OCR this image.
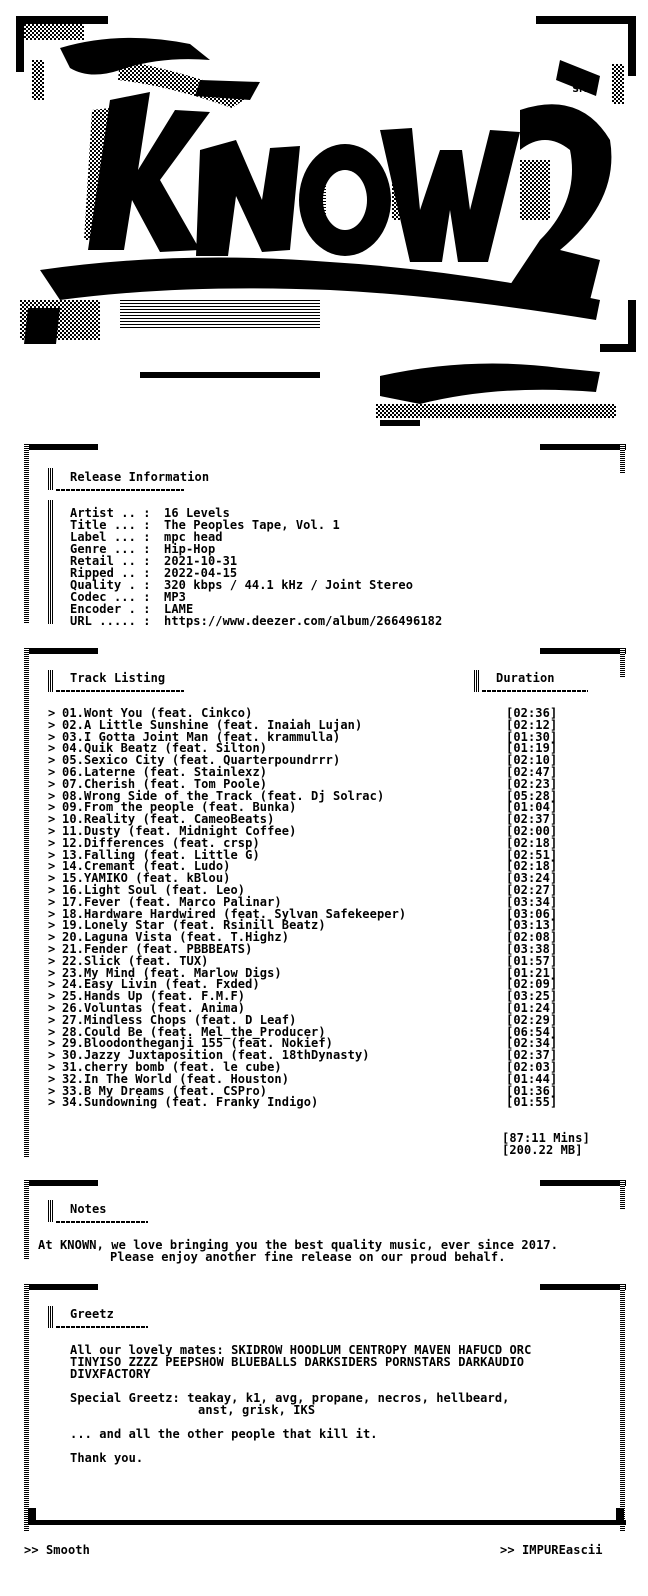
sM
Release Information
Artist .. : 16 Levels
Title ... : The Peoples Tape, Vol. 1
Label ... : mpc head
Genre ... : Hip-Hop
Retail .. : 2021-10-31
Ripped .. : 2022-04-15
Quality . : 320 kbps / 44.1 kHz / Joint Stereo
Codec ... : MP3
Encoder . : LAME
URL ..... : https://www.deezer.com/album/266496182
Track Listing	Duration
> 01.Wont You (feat. Cinkco)	[02:36]
> 02.A Little Sunshine (feat. Inaiah Lujan)	[02:12]
> 03.I Gotta Joint Man (feat. krammulla)	[01:30]
> 04.Quik Beatz (feat. Silton)	[01:19]
> 05.Sexico City (feat. Quarterpoundrrr)	[02:10]
> 06.Laterne (feat. Stainlexz)	[02:47]
> 07.Cherish (feat. Tom Poole)	[02:23]
> 08.Wrong Side of the Track (feat. Dj Solrac)	[05:28]
> 09.From the people (feat. Bunka)	[01:04]
> 10.Reality (feat. CameoBeats)	[02:37]
> 11.Dusty (feat. Midnight Coffee)	[02:00]
> 12.Differences (feat. crsp)	[02:18]
> 13.Falling (feat. Little G)	[02:51]
> 14.Cremant (feat. Ludo)	[02:18]
> 15.YAMIKO (feat. kBlou)	[03:24]
> 16.Light Soul (feat. Leo)	[02:27]
> 17.Fever (feat. Marco Palinar)	[03:34]
> 18.Hardware Hardwired (feat. Sylvan Safekeeper)	[03:06]
> 19.Lonely Star (feat. Rsinill Beatz)	[03:13]
> 20.Laguna Vista (feat. T.Highz)	[02:08]
> 21.Fender (feat. PBBBEATS)	[03:38]
> 22.Slick (feat. TUX)	[01:57]
> 23.My Mind (feat. Marlow Digs)	[01:21]
> 24.Easy Livin (feat. Fxded)	[02:09]
> 25.Hands Up (feat. F.M.F)	[03:25]
> 26.Voluntas (feat. Anima)	[01:24]
> 27.Mindless Chops (feat. D Leaf)	[02:29]
> 28.Could Be (feat. Mel_the_Producer)	[06:54]
> 29.Bloodontheganji 155 (feat. Nokief)	[02:34]
> 30.Jazzy Juxtaposition (feat. 18thDynasty)	[02:37]
> 31.cherry bomb (feat. le cube)	[02:03]
> 32.In The World (feat. Houston)	[01:44]
> 33.B My Dreams (feat. CSPro)	[01:36]
> 34.Sundowning (feat. Franky Indigo)	[01:55]
[87:11 Mins]
[200.22 MB]
Notes
At KNOWN, we love bringing you the best quality music, ever since 2017.
Please enjoy another fine release on our proud behalf.
Greetz
All our lovely mates: SKIDROW HOODLUM CENTROPY MAVEN HAFUCD ORC
TINYISO ZZZZ PEEPSHOW BLUEBALLS DARKSIDERS PORNSTARS DARKAUDIO
DIVXFACTORY
Special Greetz: teakay, k1, avg, propane, necros, hellbeard,
anst, grisk, IKS
... and all the other people that kill it.
Thank you.
>> Smooth	>> IMPUREascii
